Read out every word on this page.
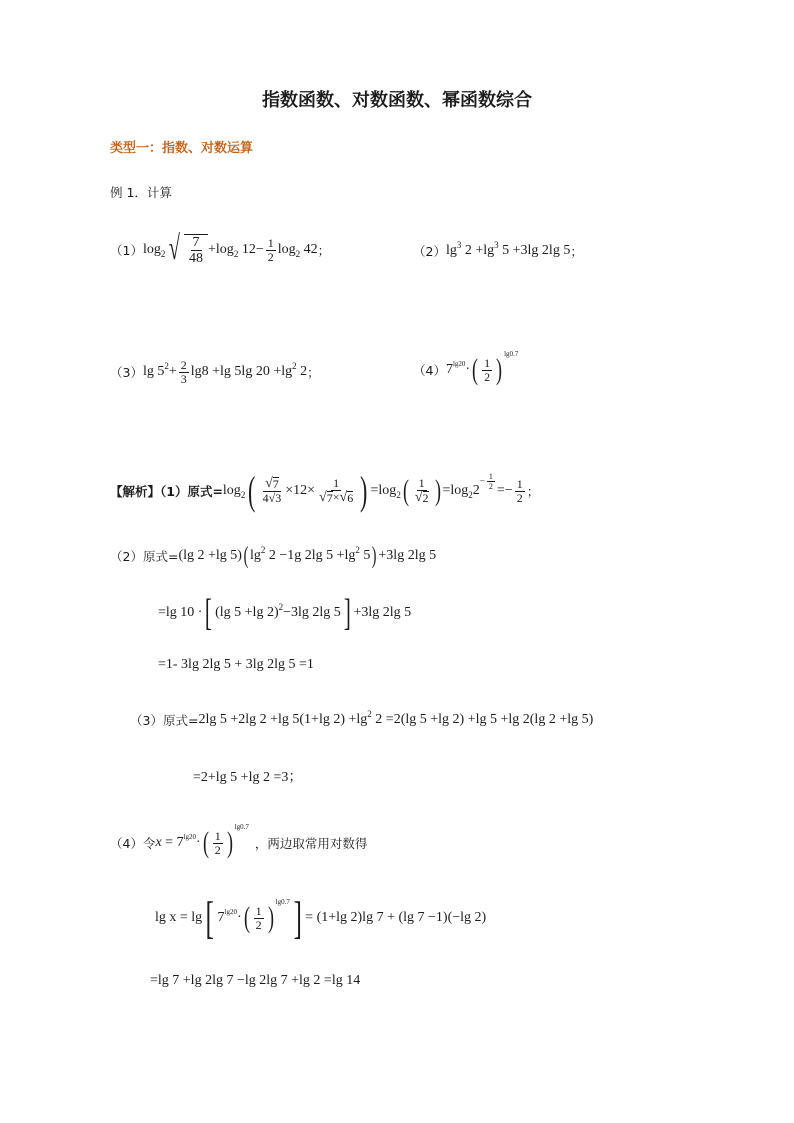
指数函数、对数函数、幂函数综合
类型一：指数、对数运算
例 1．计算
（1） $\log_2$ √ $\frac{7}{48} + \log_2$
$12 - \frac{1}{2} \log_2$
42 ；	（2） $\lg^3$
$2 +\lg^3$
5 +3lg 2lg 5 ；
（3） $\lg 5^2 + \frac{2}{3} \lg 8 +\lg$ 5lg $20 +\lg^2$
2 ；	（4） $7^{lg20}$ · ( $\frac{1}{2}$ ) $^{lg0.7}$
【解析】（1）原式= $\log_2$ ( $\frac{√ 7}{4√3} \times 12\times \frac{1}{√ 7 \times √ 6}$ ) = $\log_2$ ( $\frac{1}{√ 2}$ ) = $\log_2 2$
$^{- \frac{1}{2}}$ = − $\frac{1}{2}$ ；
（2）原式= (lg 2 +lg 5) ( $\lg^2$
2 −1g 2lg $5 +\lg^2$
5 ) +3lg 2lg 5
=lg 10 · [ (lg 5 +lg 2)$^2$ −3lg 2lg 5 ] +3lg 2lg 5
=1- 3lg 2lg 5 + 3lg 2lg 5 =1
（3）原式= 2lg 5 +2lg 2 +lg 5(1+lg $2) +\lg^2$
2 =2(lg 5 +lg 2) +lg 5 +lg 2(lg 2 +lg 5)
=2+lg 5 +lg 2 =3；
（4）令 x
=
$7^{lg20}$ · ( $\frac{1}{2}$ ) $^{lg0.7}$
，两边取常用对数得
lg x = lg [ $7^{lg20}$ · ( $\frac{1}{2}$ ) $^{lg0.7}$ ] = (1+lg 2)lg 7 + (lg 7 −1)(−lg 2)
=lg 7 +lg 2lg 7 −lg 2lg 7 +lg 2 =lg 14
